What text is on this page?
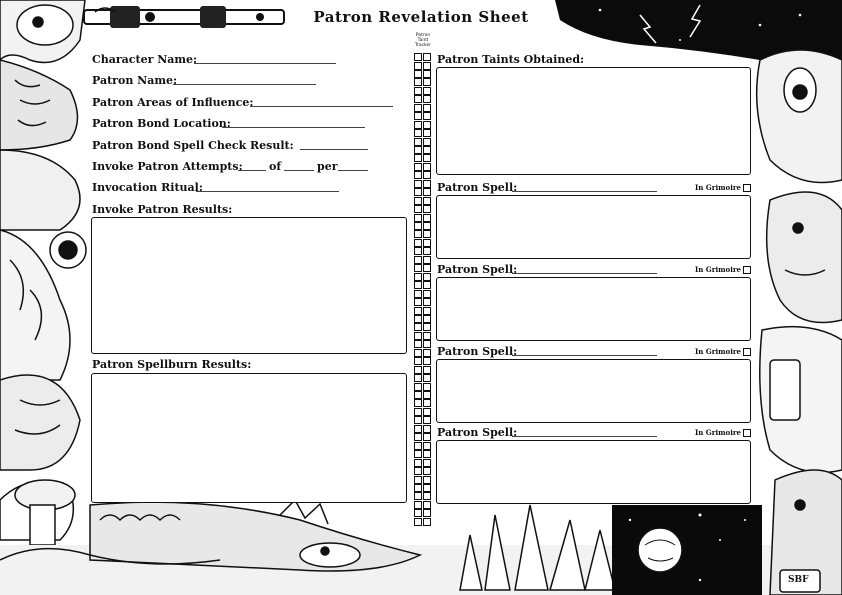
Patron Revelation Sheet
Character Name:
Patron Name:
Patron Areas of Influence:
Patron Bond Location:
Patron Bond Spell Check Result:
Invoke Patron Attempts: of	per
Invocation Ritual:
Invoke Patron Results:
Patron Spellburn Results:
Patron
Taint
Tracker
Patron Taints Obtained:
Patron Spell:	In Grimoire
Patron Spell:	In Grimoire
Patron Spell:	In Grimoire
Patron Spell:	In Grimoire
SBF
